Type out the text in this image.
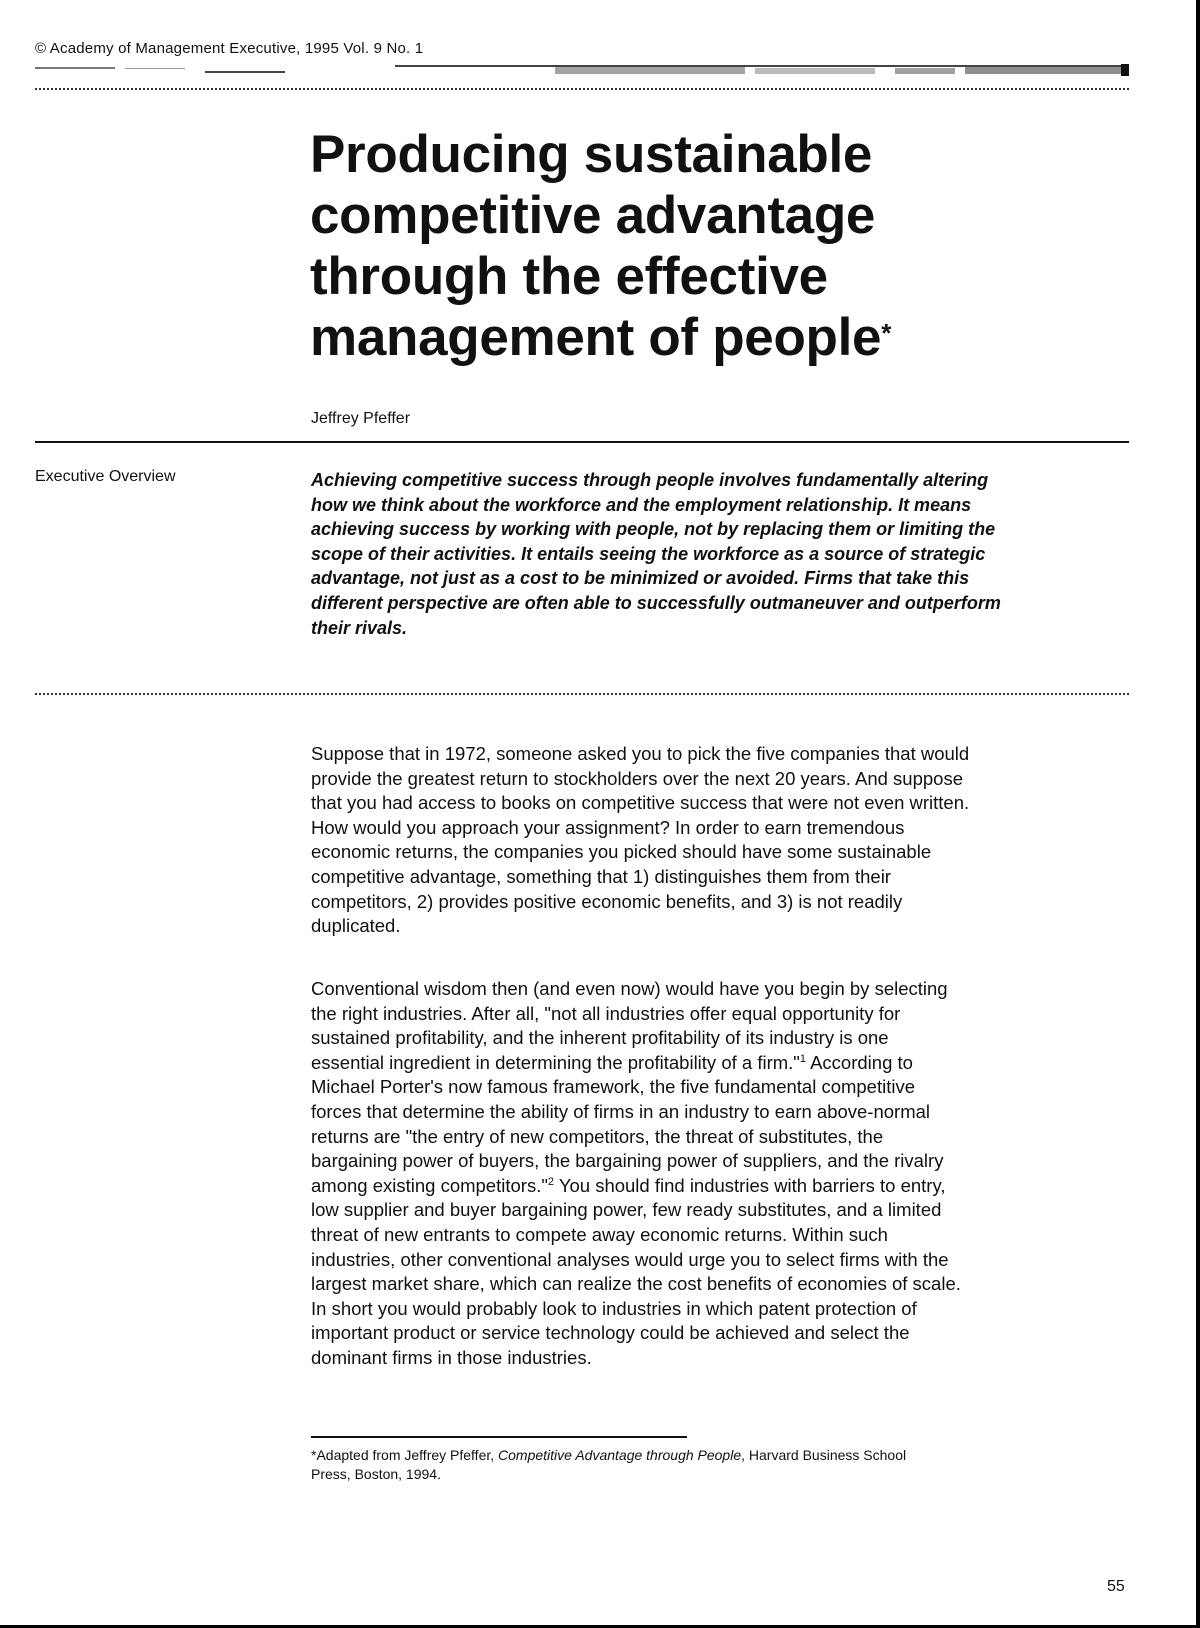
© Academy of Management Executive, 1995 Vol. 9 No. 1
Producing sustainable
competitive advantage
through the effective
management of people*
Jeffrey Pfeffer
Executive Overview	Achieving competitive success through people involves fundamentally altering
how we think about the workforce and the employment relationship. It means
achieving success by working with people, not by replacing them or limiting the
scope of their activities. It entails seeing the workforce as a source of strategic
advantage, not just as a cost to be minimized or avoided. Firms that take this
different perspective are often able to successfully outmaneuver and outperform
their rivals.
Suppose that in 1972, someone asked you to pick the five companies that would
provide the greatest return to stockholders over the next 20 years. And suppose
that you had access to books on competitive success that were not even written.
How would you approach your assignment? In order to earn tremendous
economic returns, the companies you picked should have some sustainable
competitive advantage, something that 1) distinguishes them from their
competitors, 2) provides positive economic benefits, and 3) is not readily
duplicated.
Conventional wisdom then (and even now) would have you begin by selecting
the right industries. After all, "not all industries offer equal opportunity for
sustained profitability, and the inherent profitability of its industry is one
essential ingredient in determining the profitability of a firm."$^1$ According to
Michael Porter's now famous framework, the five fundamental competitive
forces that determine the ability of firms in an industry to earn above-normal
returns are "the entry of new competitors, the threat of substitutes, the
bargaining power of buyers, the bargaining power of suppliers, and the rivalry
among existing competitors."$^2$ You should find industries with barriers to entry,
low supplier and buyer bargaining power, few ready substitutes, and a limited
threat of new entrants to compete away economic returns. Within such
industries, other conventional analyses would urge you to select firms with the
largest market share, which can realize the cost benefits of economies of scale.
In short you would probably look to industries in which patent protection of
important product or service technology could be achieved and select the
dominant firms in those industries.
*Adapted from Jeffrey Pfeffer, Competitive Advantage through People, Harvard Business School
Press, Boston, 1994.
55
